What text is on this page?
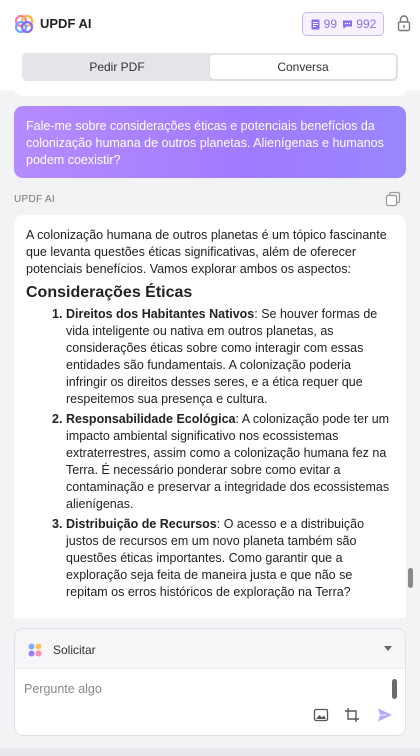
UPDF AI	99 992
Pedir PDF	Conversa
Fale-me sobre considerações éticas e potenciais benefícios da colonização humana de outros planetas. Alienígenas e humanos podem coexistir?
UPDF AI

A colonização humana de outros planetas é um tópico fascinante que levanta questões éticas significativas, além de oferecer potenciais benefícios. Vamos explorar ambos os aspectos:

Considerações Éticas
1. Direitos dos Habitantes Nativos: Se houver formas de vida inteligente ou nativa em outros planetas, as considerações éticas sobre como interagir com essas entidades são fundamentais. A colonização poderia infringir os direitos desses seres, e a ética requer que respeitemos sua presença e cultura.
2. Responsabilidade Ecológica: A colonização pode ter um impacto ambiental significativo nos ecossistemas extraterrestres, assim como a colonização humana fez na Terra. É necessário ponderar sobre como evitar a contaminação e preservar a integridade dos ecossistemas alienígenas.
3. Distribuição de Recursos: O acesso e a distribuição justos de recursos em um novo planeta também são questões éticas importantes. Como garantir que a exploração seja feita de maneira justa e que não se repitam os erros históricos de exploração na Terra?
Solicitar
Pergunte algo
